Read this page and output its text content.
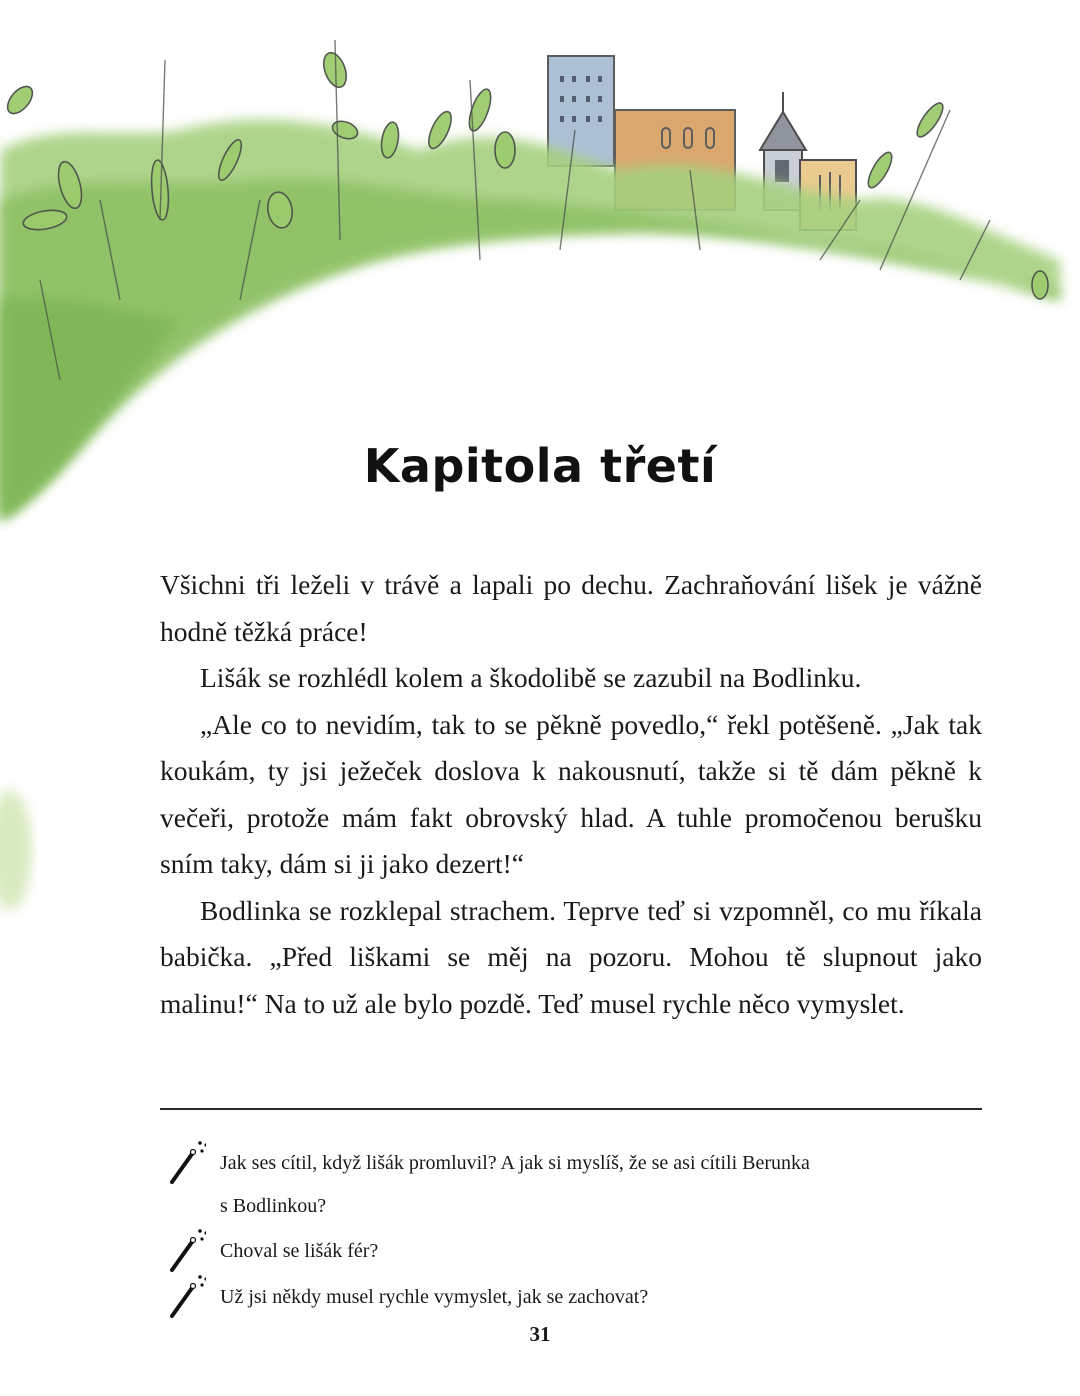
Kapitola třetí

Všichni tři leželi v trávě a lapali po dechu. Zachraňování lišek je vážně hodně těžká práce!

Lišák se rozhlédl kolem a škodolibě se zazubil na Bodlinku.

„Ale co to nevidím, tak to se pěkně povedlo,“ řekl potěšeně. „Jak tak koukám, ty jsi ježeček doslova k nakousnutí, takže si tě dám pěkně k večeři, protože mám fakt obrovský hlad. A tuhle promočenou berušku sním taky, dám si ji jako dezert!“

Bodlinka se rozklepal strachem. Teprve teď si vzpomněl, co mu říkala babička. „Před liškami se měj na pozoru. Mohou tě slupnout jako malinu!“ Na to už ale bylo pozdě. Teď musel rychle něco vymyslet.

Jak ses cítil, když lišák promluvil? A jak si myslíš, že se asi cítili Berunka
s Bodlinkou?
Choval se lišák fér?
Už jsi někdy musel rychle vymyslet, jak se zachovat?
31
